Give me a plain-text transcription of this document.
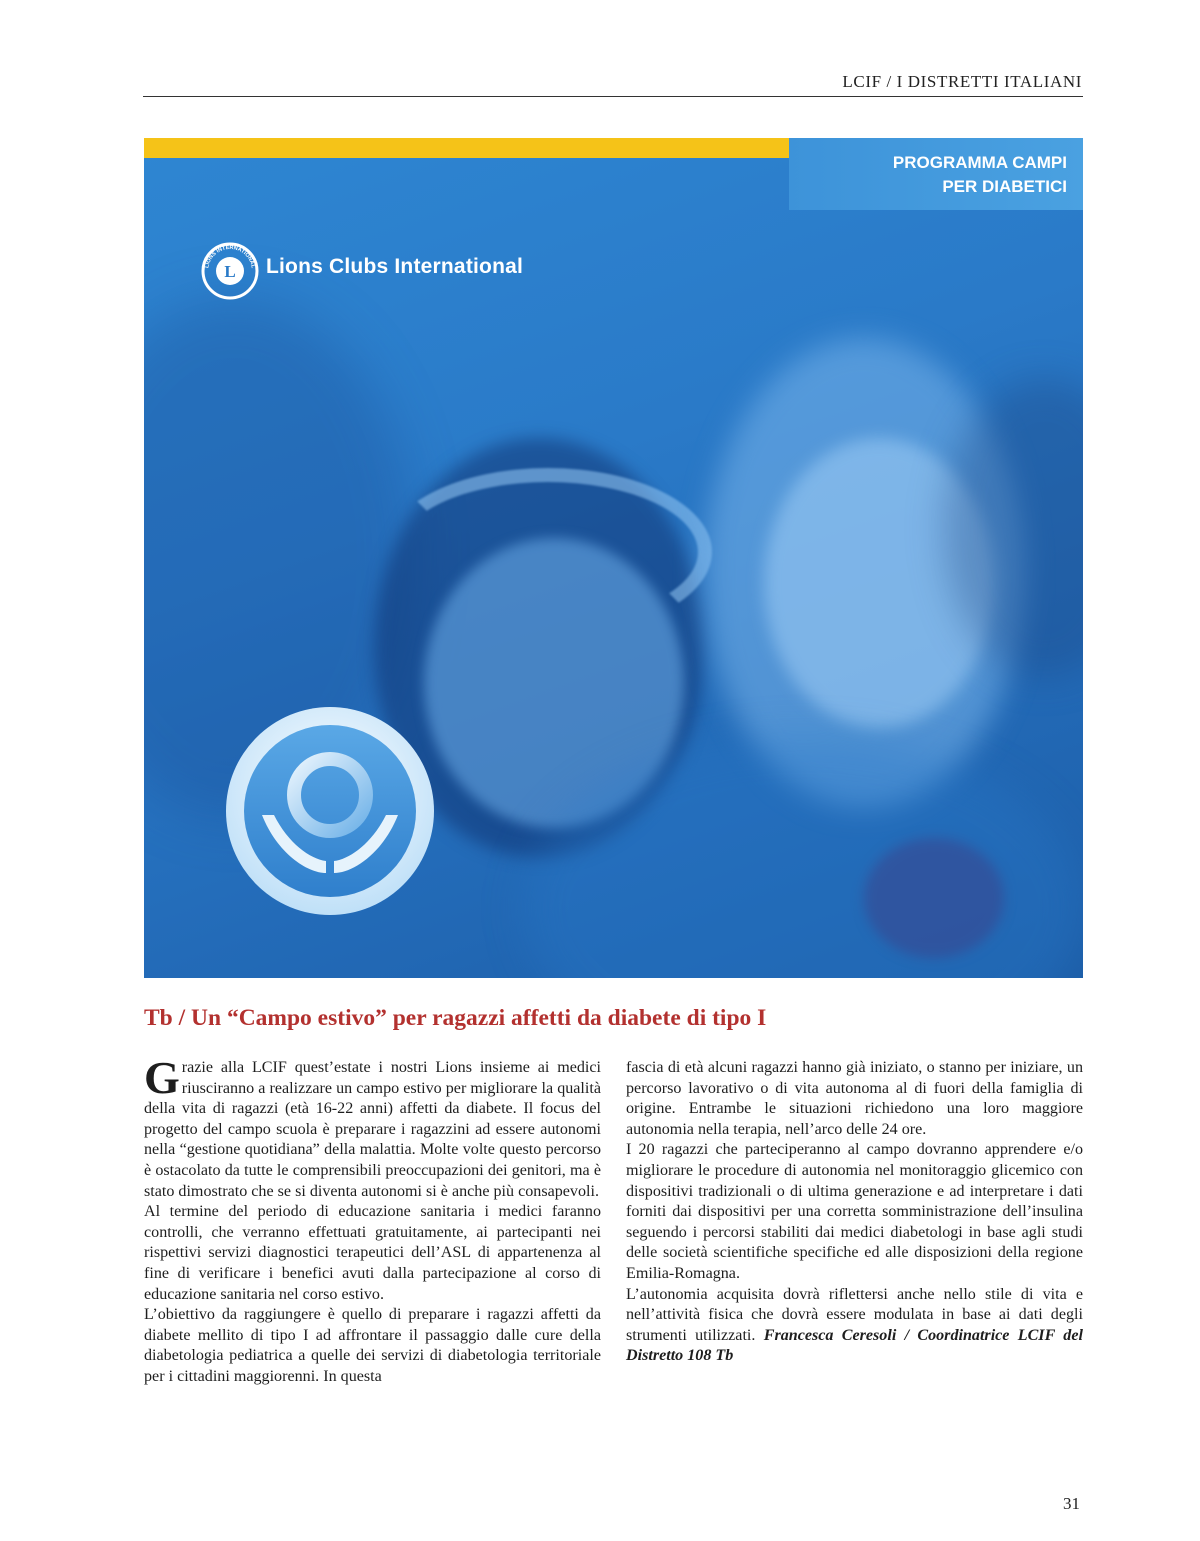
LCIF / I DISTRETTI ITALIANI
PROGRAMMA CAMPI
PER DIABETICI
L
LIONS INTERNATIONAL Lions Clubs International
Tb / Un “Campo estivo” per ragazzi affetti da diabete di tipo I

Grazie alla LCIF quest’estate i nostri Lions insieme ai medici riusciranno a realizzare un campo estivo per migliorare la qualità della vita di ragazzi (età 16-22 anni) affetti da diabete. Il focus del progetto del campo scuola è preparare i ragazzini ad essere autonomi nella “gestione quotidiana” della malattia. Molte volte questo percorso è ostacolato da tutte le comprensibili preoccupazioni dei genitori, ma è stato dimostrato che se si diventa autonomi si è anche più consapevoli.

Al termine del periodo di educazione sanitaria i medici faranno controlli, che verranno effettuati gratuitamente, ai partecipanti nei rispettivi servizi diagnostici terapeutici dell’ASL di appartenenza al fine di verificare i benefici avuti dalla partecipazione al corso di educazione sanitaria nel corso estivo.

L’obiettivo da raggiungere è quello di preparare i ragazzi affetti da diabete mellito di tipo I ad affrontare il passaggio dalle cure della diabetologia pediatrica a quelle dei servizi di diabetologia territoriale per i cittadini maggiorenni. In questa

fascia di età alcuni ragazzi hanno già iniziato, o stanno per iniziare, un percorso lavorativo o di vita autonoma al di fuori della famiglia di origine. Entrambe le situazioni richiedono una loro maggiore autonomia nella terapia, nell’arco delle 24 ore.

I 20 ragazzi che parteciperanno al campo dovranno apprendere e/o migliorare le procedure di autonomia nel monitoraggio glicemico con dispositivi tradizionali o di ultima generazione e ad interpretare i dati forniti dai dispositivi per una corretta somministrazione dell’insulina seguendo i percorsi stabiliti dai medici diabetologi in base agli studi delle società scientifiche specifiche ed alle disposizioni della regione Emilia-Romagna.

L’autonomia acquisita dovrà riflettersi anche nello stile di vita e nell’attività fisica che dovrà essere modulata in base ai dati degli strumenti utilizzati. Francesca Ceresoli / Coordinatrice LCIF del Distretto 108 Tb

31
